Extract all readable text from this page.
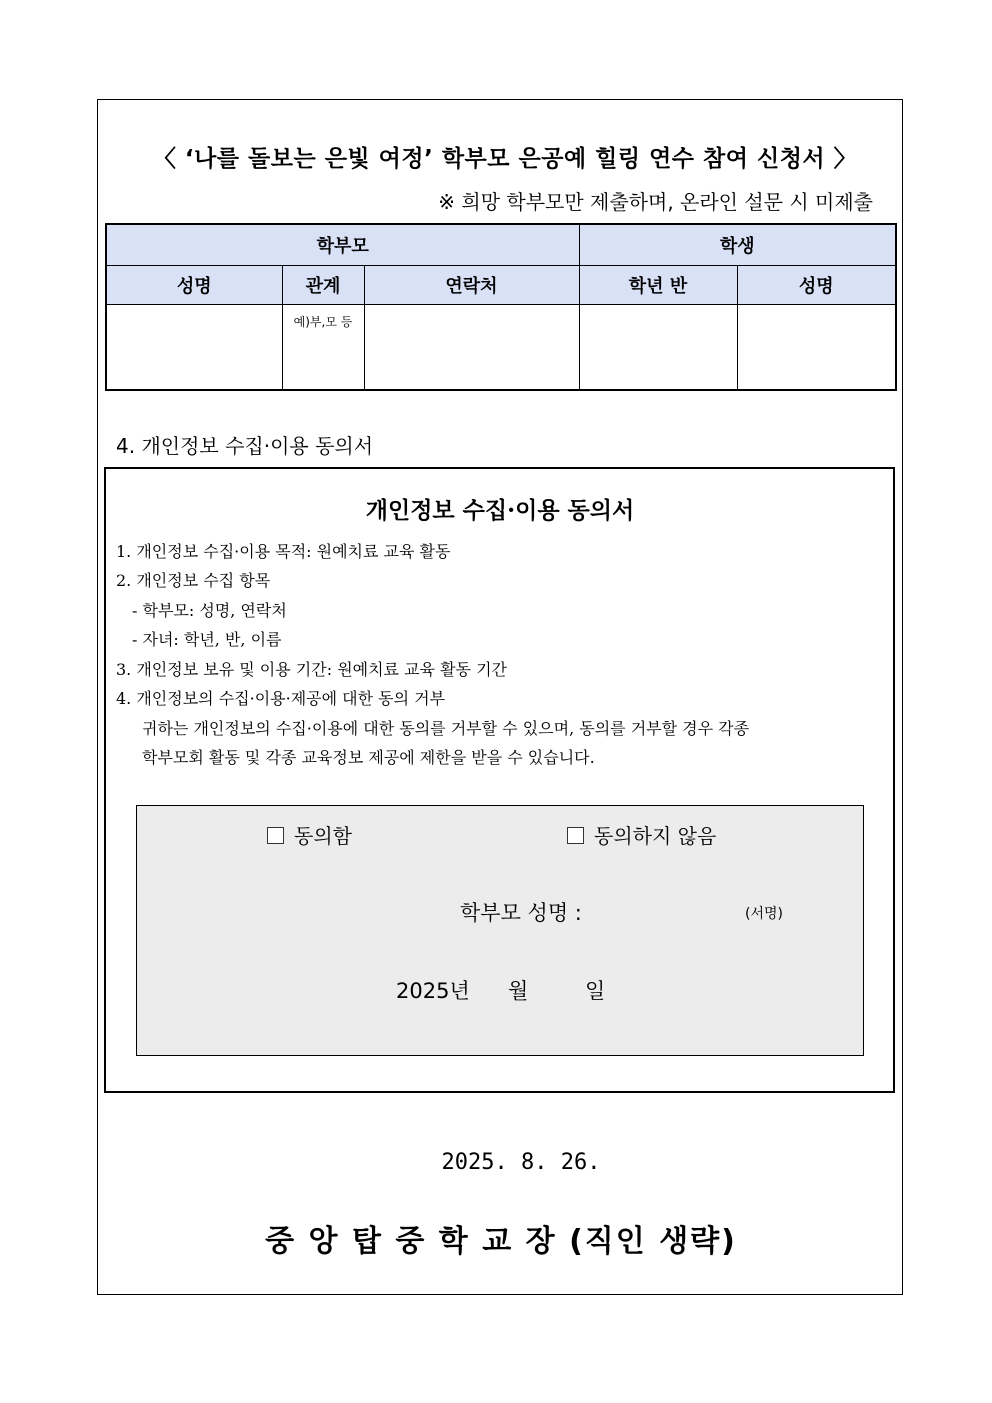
〈 ‘나를 돌보는 은빛 여정’ 학부모 은공예 힐링 연수 참여 신청서 〉
※ 희망 학부모만 제출하며, 온라인 설문 시 미제출
학부모			학생	
성명	관계	연락처	학년 반	성명
	예)부,모 등			
4. 개인정보 수집·이용 동의서
개인정보 수집·이용 동의서
1. 개인정보 수집·이용 목적: 원예치료 교육 활동
2. 개인정보 수집 항목
- 학부모: 성명, 연락처
- 자녀: 학년, 반, 이름
3. 개인정보 보유 및 이용 기간: 원예치료 교육 활동 기간
4. 개인정보의 수집·이용·제공에 대한 동의 거부
귀하는 개인정보의 수집·이용에 대한 동의를 거부할 수 있으며, 동의를 거부할 경우 각종
학부모회 활동 및 각종 교육정보 제공에 제한을 받을 수 있습니다.
동의함	동의하지 않음
학부모 성명 :	(서명)
2025년 월	일
2025. 8. 26.
중 앙 탑 중 학 교 장 (직인 생략)
